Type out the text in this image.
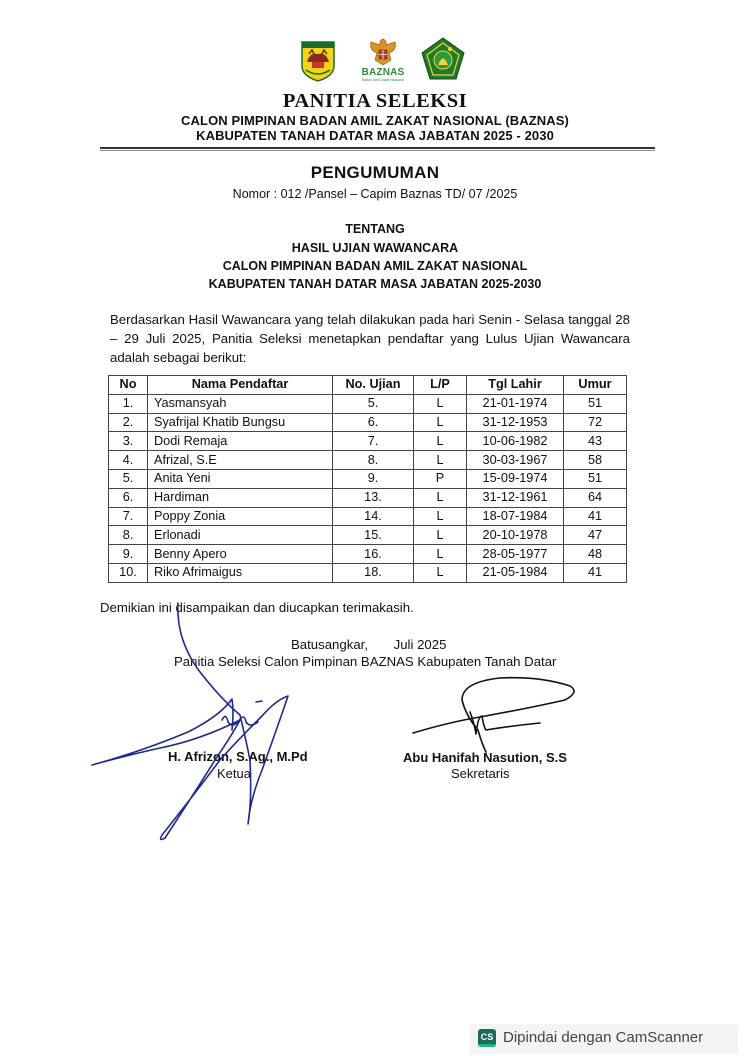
BAZNAS
Badan Amil Zakat Nasional
PANITIA SELEKSI
CALON PIMPINAN BADAN AMIL ZAKAT NASIONAL (BAZNAS)
KABUPATEN TANAH DATAR MASA JABATAN 2025 - 2030
PENGUMUMAN
Nomor : 012 /Pansel – Capim Baznas TD/ 07 /2025
TENTANG
HASIL UJIAN WAWANCARA
CALON PIMPINAN BADAN AMIL ZAKAT NASIONAL
KABUPATEN TANAH DATAR MASA JABATAN 2025-2030
Berdasarkan Hasil Wawancara yang telah dilakukan pada hari Senin - Selasa tanggal 28 – 29 Juli 2025, Panitia Seleksi menetapkan pendaftar yang Lulus Ujian Wawancara adalah sebagai berikut:
No	Nama Pendaftar	No. Ujian	L/P	Tgl Lahir	Umur
1.	Yasmansyah	5.	L	21-01-1974	51
2.	Syafrijal Khatib Bungsu	6.	L	31-12-1953	72
3.	Dodi Remaja	7.	L	10-06-1982	43
4.	Afrizal, S.E	8.	L	30-03-1967	58
5.	Anita Yeni	9.	P	15-09-1974	51
6.	Hardiman	13.	L	31-12-1961	64
7.	Poppy Zonia	14.	L	18-07-1984	41
8.	Erlonadi	15.	L	20-10-1978	47
9.	Benny Apero	16.	L	28-05-1977	48
10.	Riko Afrimaigus	18.	L	21-05-1984	41
Demikian ini disampaikan dan diucapkan terimakasih.
Batusangkar,       Juli 2025
Panitia Seleksi Calon Pimpinan BAZNAS Kabupaten Tanah Datar
H. Afrizon, S.Ag., M.Pd
Ketua
Abu Hanifah Nasution, S.S
Sekretaris
CS Dipindai dengan CamScanner
